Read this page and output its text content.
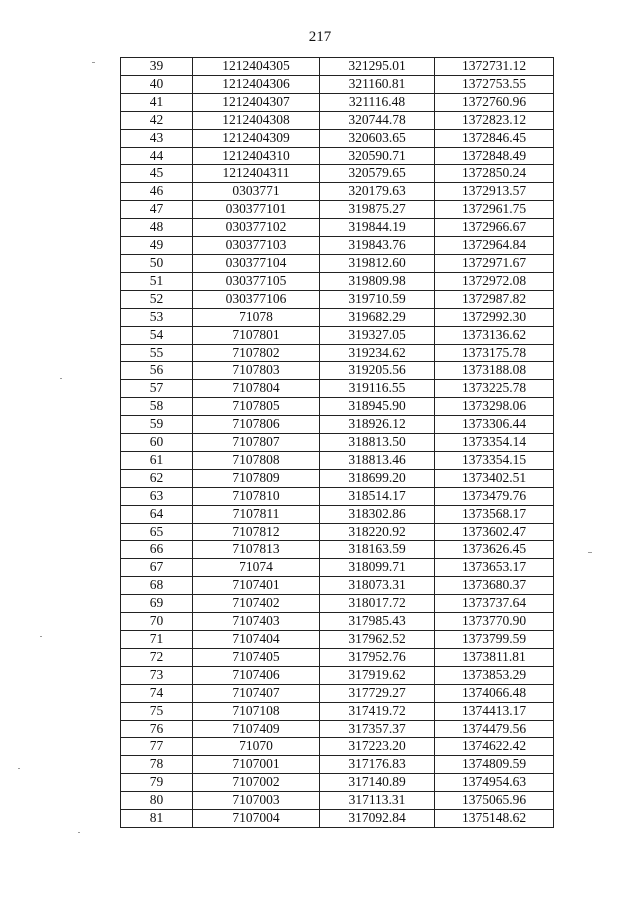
217
39	1212404305	321295.01	1372731.12
40	1212404306	321160.81	1372753.55
41	1212404307	321116.48	1372760.96
42	1212404308	320744.78	1372823.12
43	1212404309	320603.65	1372846.45
44	1212404310	320590.71	1372848.49
45	1212404311	320579.65	1372850.24
46	0303771	320179.63	1372913.57
47	030377101	319875.27	1372961.75
48	030377102	319844.19	1372966.67
49	030377103	319843.76	1372964.84
50	030377104	319812.60	1372971.67
51	030377105	319809.98	1372972.08
52	030377106	319710.59	1372987.82
53	71078	319682.29	1372992.30
54	7107801	319327.05	1373136.62
55	7107802	319234.62	1373175.78
56	7107803	319205.56	1373188.08
57	7107804	319116.55	1373225.78
58	7107805	318945.90	1373298.06
59	7107806	318926.12	1373306.44
60	7107807	318813.50	1373354.14
61	7107808	318813.46	1373354.15
62	7107809	318699.20	1373402.51
63	7107810	318514.17	1373479.76
64	7107811	318302.86	1373568.17
65	7107812	318220.92	1373602.47
66	7107813	318163.59	1373626.45
67	71074	318099.71	1373653.17
68	7107401	318073.31	1373680.37
69	7107402	318017.72	1373737.64
70	7107403	317985.43	1373770.90
71	7107404	317962.52	1373799.59
72	7107405	317952.76	1373811.81
73	7107406	317919.62	1373853.29
74	7107407	317729.27	1374066.48
75	7107108	317419.72	1374413.17
76	7107409	317357.37	1374479.56
77	71070	317223.20	1374622.42
78	7107001	317176.83	1374809.59
79	7107002	317140.89	1374954.63
80	7107003	317113.31	1375065.96
81	7107004	317092.84	1375148.62
